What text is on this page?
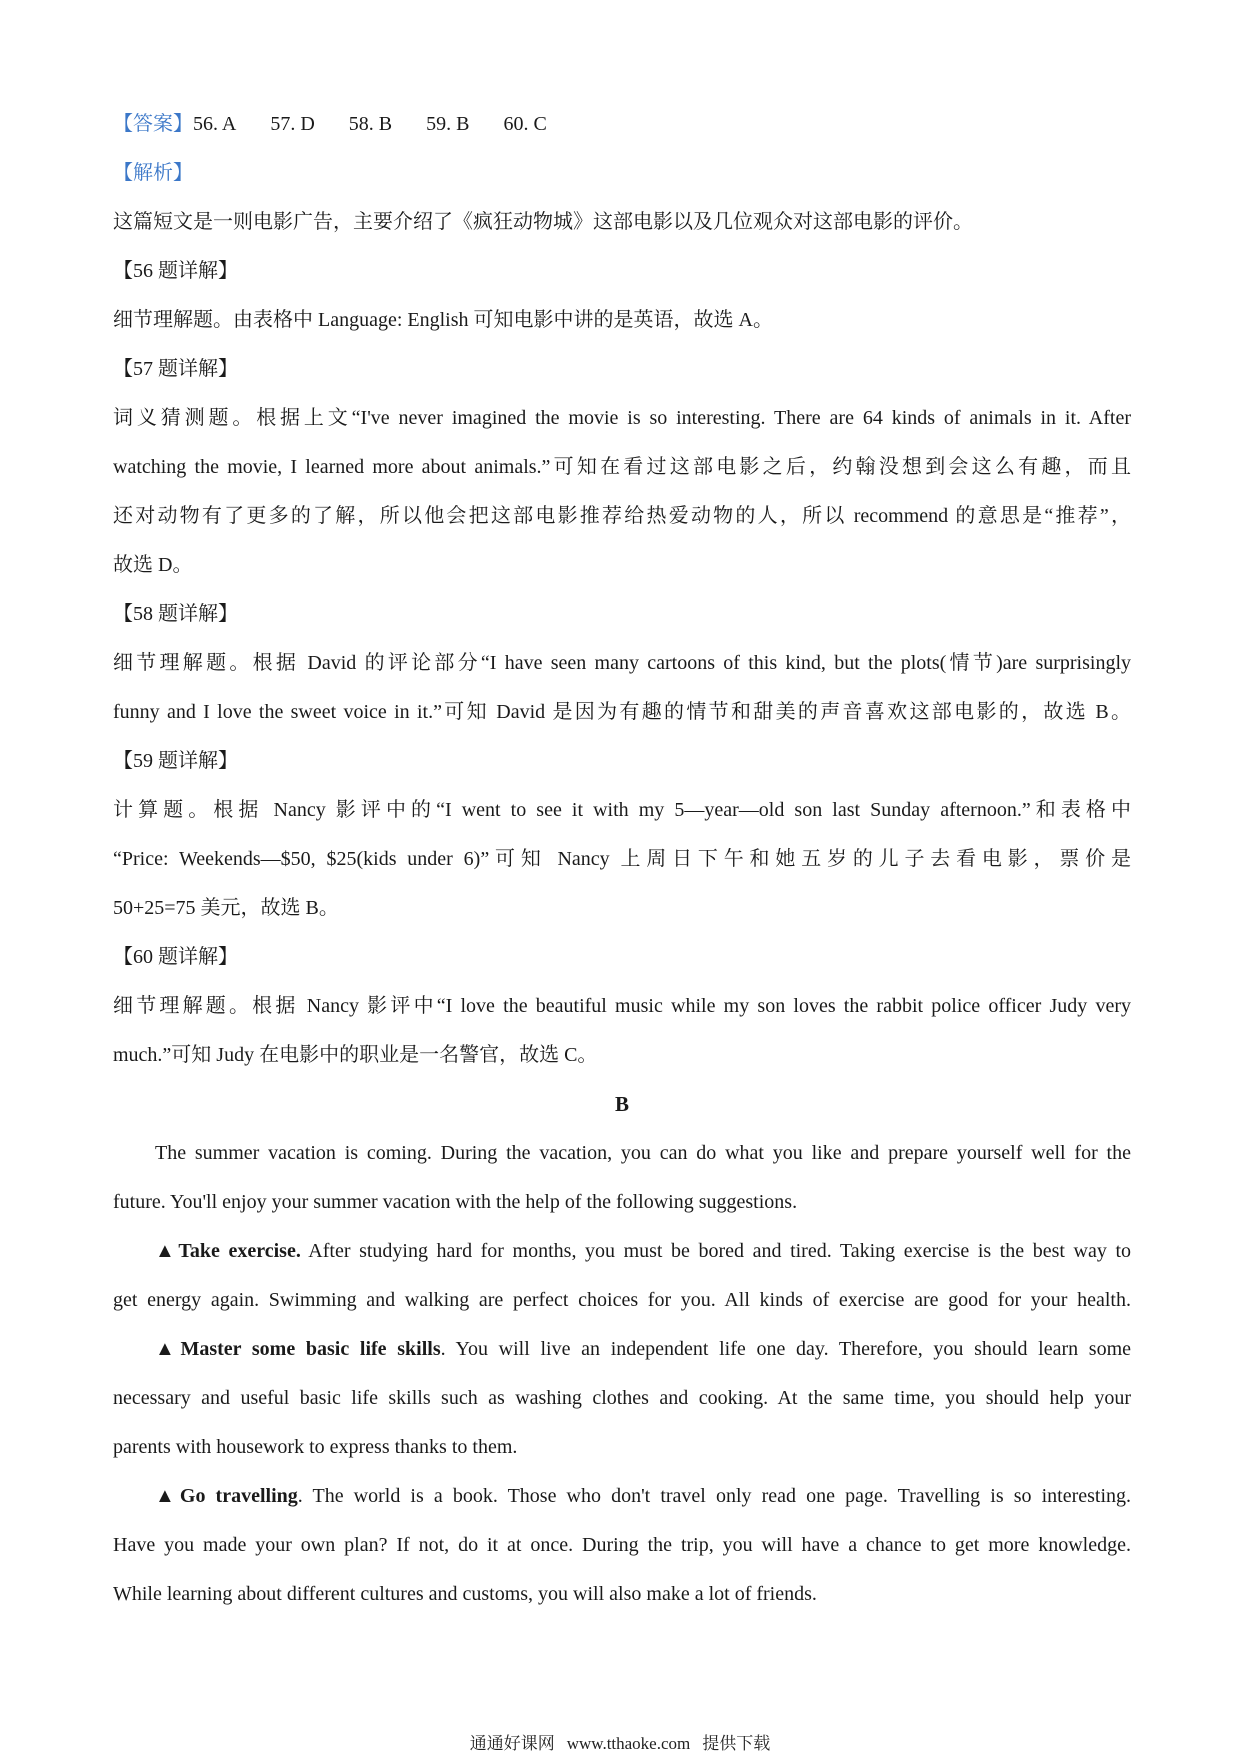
【答案】56. A 57. D 58. B 59. B 60. C

【解析】

这篇短文是一则电影广告，主要介绍了《疯狂动物城》这部电影以及几位观众对这部电影的评价。

【56 题详解】

细节理解题。由表格中 Language: English 可知电影中讲的是英语，故选 A。

【57 题详解】

词义猜测题。根据上文“I've never imagined the movie is so interesting. There are 64 kinds of animals in it. After

watching the movie, I learned more about animals.”可知在看过这部电影之后，约翰没想到会这么有趣，而且

还对动物有了更多的了解，所以他会把这部电影推荐给热爱动物的人，所以 recommend 的意思是“推荐”，

故选 D。

【58 题详解】

细节理解题。根据 David 的评论部分“I have seen many cartoons of this kind, but the plots(情节)are surprisingly

funny and I love the sweet voice in it.”可知 David 是因为有趣的情节和甜美的声音喜欢这部电影的，故选 B。

【59 题详解】

计算题。根据 Nancy 影评中的“I went to see it with my 5—year—old son last Sunday afternoon.”和表格中

“Price: Weekends—$50, $25(kids under 6)”可知 Nancy 上周日下午和她五岁的儿子去看电影，票价是

50+25=75 美元，故选 B。

【60 题详解】

细节理解题。根据 Nancy 影评中“I love the beautiful music while my son loves the rabbit police officer Judy very

much.”可知 Judy 在电影中的职业是一名警官，故选 C。

B

The summer vacation is coming. During the vacation, you can do what you like and prepare yourself well for the

future. You'll enjoy your summer vacation with the help of the following suggestions.

▲Take exercise. After studying hard for months, you must be bored and tired. Taking exercise is the best way to

get energy again. Swimming and walking are perfect choices for you. All kinds of exercise are good for your health.

▲Master some basic life skills. You will live an independent life one day. Therefore, you should learn some

necessary and useful basic life skills such as washing clothes and cooking. At the same time, you should help your

parents with housework to express thanks to them.

▲Go travelling. The world is a book. Those who don't travel only read one page. Travelling is so interesting.

Have you made your own plan? If not, do it at once. During the trip, you will have a chance to get more knowledge.

While learning about different cultures and customs, you will also make a lot of friends.

通通好课网 www.tthaoke.com 提供下载
